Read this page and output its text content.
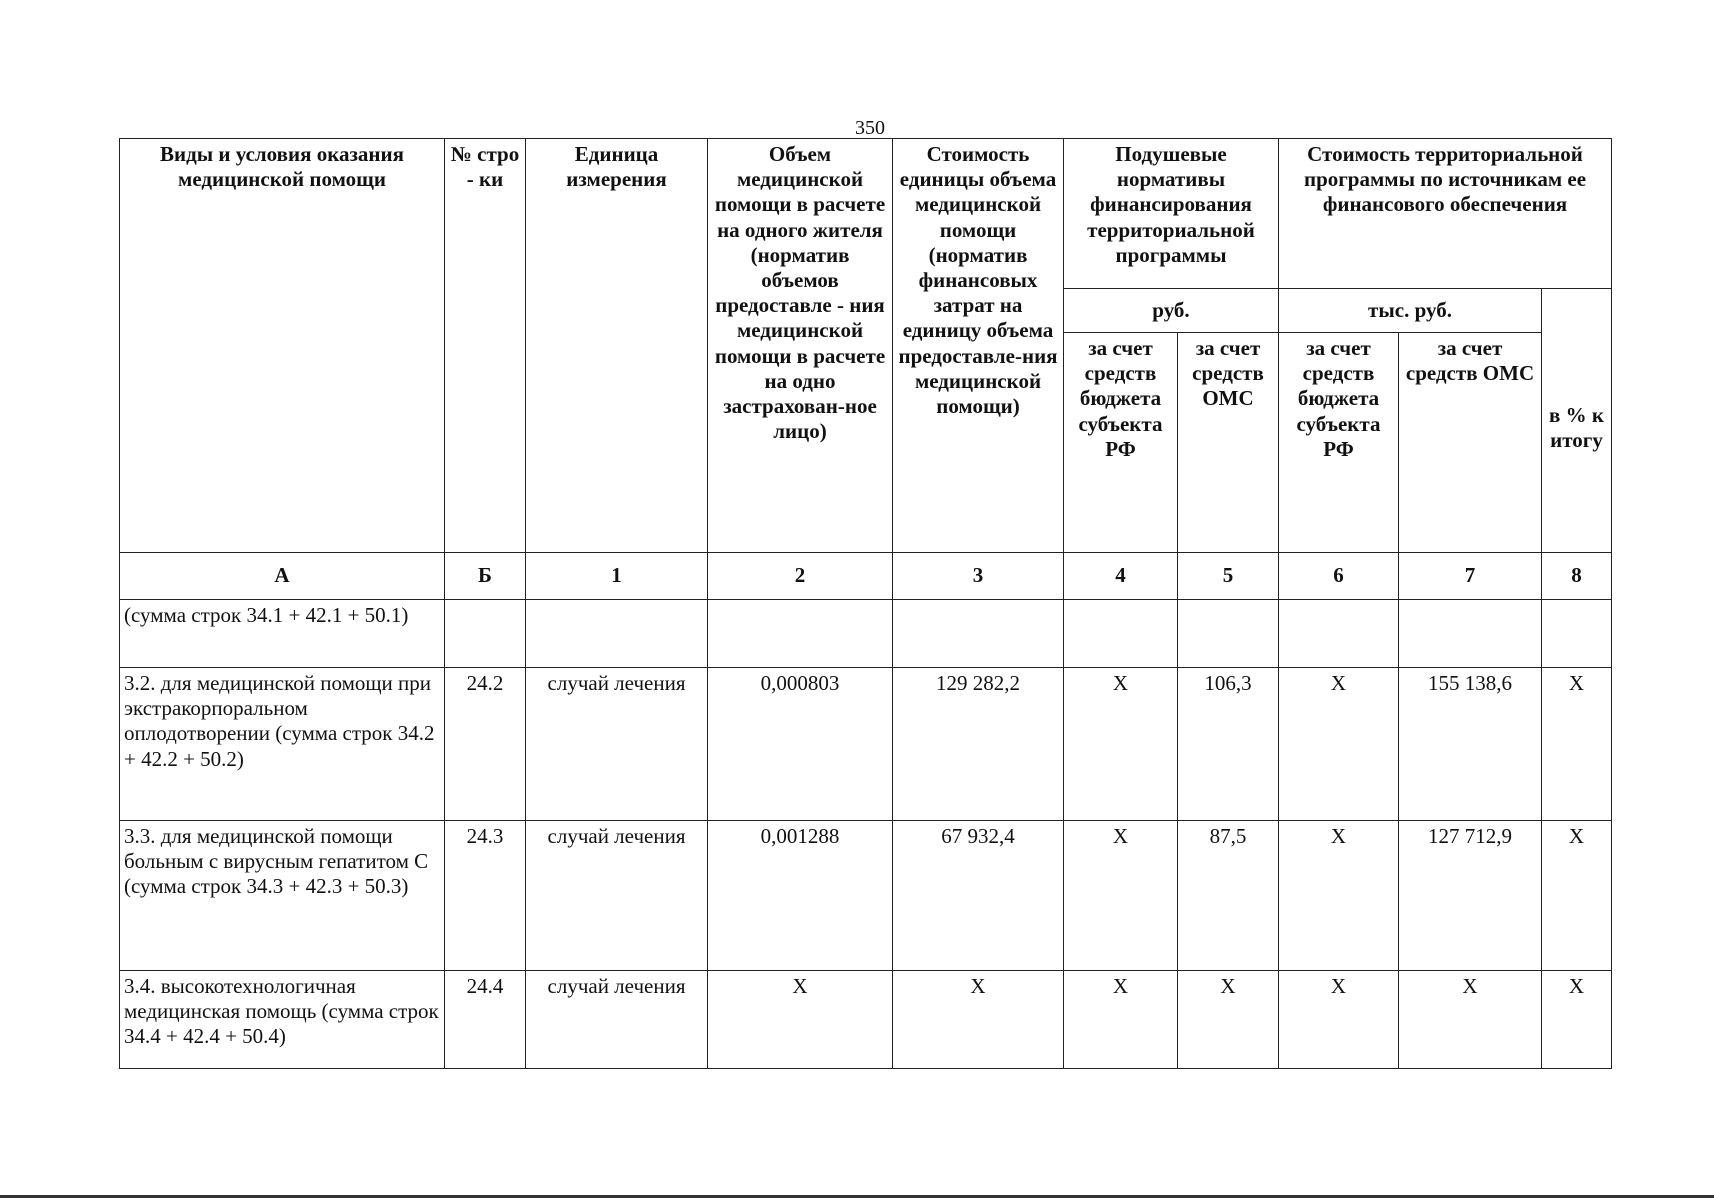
350
Виды и условия оказания медицинской помощи	№ стро - ки	Единица измерения	Объем медицинской помощи в расчете на одного жителя (норматив объемов предоставле - ния медицинской помощи в расчете на одно застрахован-ное лицо)	Стоимость единицы объема медицинской помощи (норматив финансовых затрат на единицу объема предоставле-ния медицинской помощи)	Подушевые нормативы финансирования территориальной программы		Стоимость территориальной программы по источникам ее финансового обеспечения		
					руб.		тыс. руб.		в % к итогу
					за счет средств бюджета субъекта РФ	за счет средств ОМС	за счет средств бюджета субъекта РФ	за счет средств ОМС	
А	Б	1	2	3	4	5	6	7	8
(сумма строк 34.1 + 42.1 + 50.1)									
3.2. для медицинской помощи при экстракорпоральном оплодотворении (сумма строк 34.2 + 42.2 + 50.2)	24.2	случай лечения	0,000803	129 282,2	Х	106,3	Х	155 138,6	Х
3.3. для медицинской помощи больным с вирусным гепатитом С (сумма строк 34.3 + 42.3 + 50.3)	24.3	случай лечения	0,001288	67 932,4	Х	87,5	Х	127 712,9	Х
3.4. высокотехнологичная медицинская помощь (сумма строк 34.4 + 42.4 + 50.4)	24.4	случай лечения	Х	Х	Х	Х	Х	Х	Х
